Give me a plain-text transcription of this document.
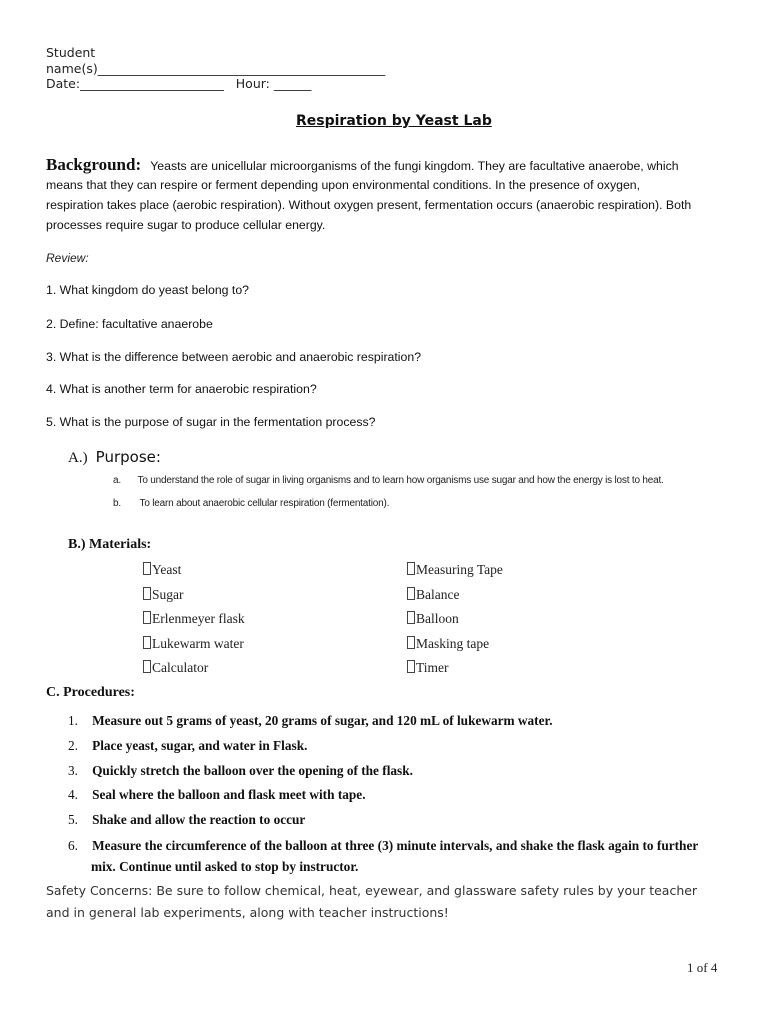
Student
name(s)______________________________________________
Date:_______________________ Hour: ______
Respiration by Yeast Lab
Background: Yeasts are unicellular microorganisms of the fungi kingdom. They are facultative anaerobe, which
means that they can respire or ferment depending upon environmental conditions. In the presence of oxygen,
respiration takes place (aerobic respiration). Without oxygen present, fermentation occurs (anaerobic respiration). Both
processes require sugar to produce cellular energy.
Review:
1. What kingdom do yeast belong to?
2. Define: facultative anaerobe
3. What is the difference between aerobic and anaerobic respiration?
4. What is another term for anaerobic respiration?
5. What is the purpose of sugar in the fermentation process?
A.) Purpose:
a. To understand the role of sugar in living organisms and to learn how organisms use sugar and how the energy is lost to heat.
b. To learn about anaerobic cellular respiration (fermentation).
B.) Materials:
Yeast
Sugar
Erlenmeyer flask
Lukewarm water
Calculator
Measuring Tape
Balance
Balloon
Masking tape
Timer
C. Procedures:
1. Measure out 5 grams of yeast, 20 grams of sugar, and 120 mL of lukewarm water.
2. Place yeast, sugar, and water in Flask.
3. Quickly stretch the balloon over the opening of the flask.
4. Seal where the balloon and flask meet with tape.
5. Shake and allow the reaction to occur
6. Measure the circumference of the balloon at three (3) minute intervals, and shake the flask again to further
mix. Continue until asked to stop by instructor.
Safety Concerns: Be sure to follow chemical, heat, eyewear, and glassware safety rules by your teacher
and in general lab experiments, along with teacher instructions!
1 of 4
